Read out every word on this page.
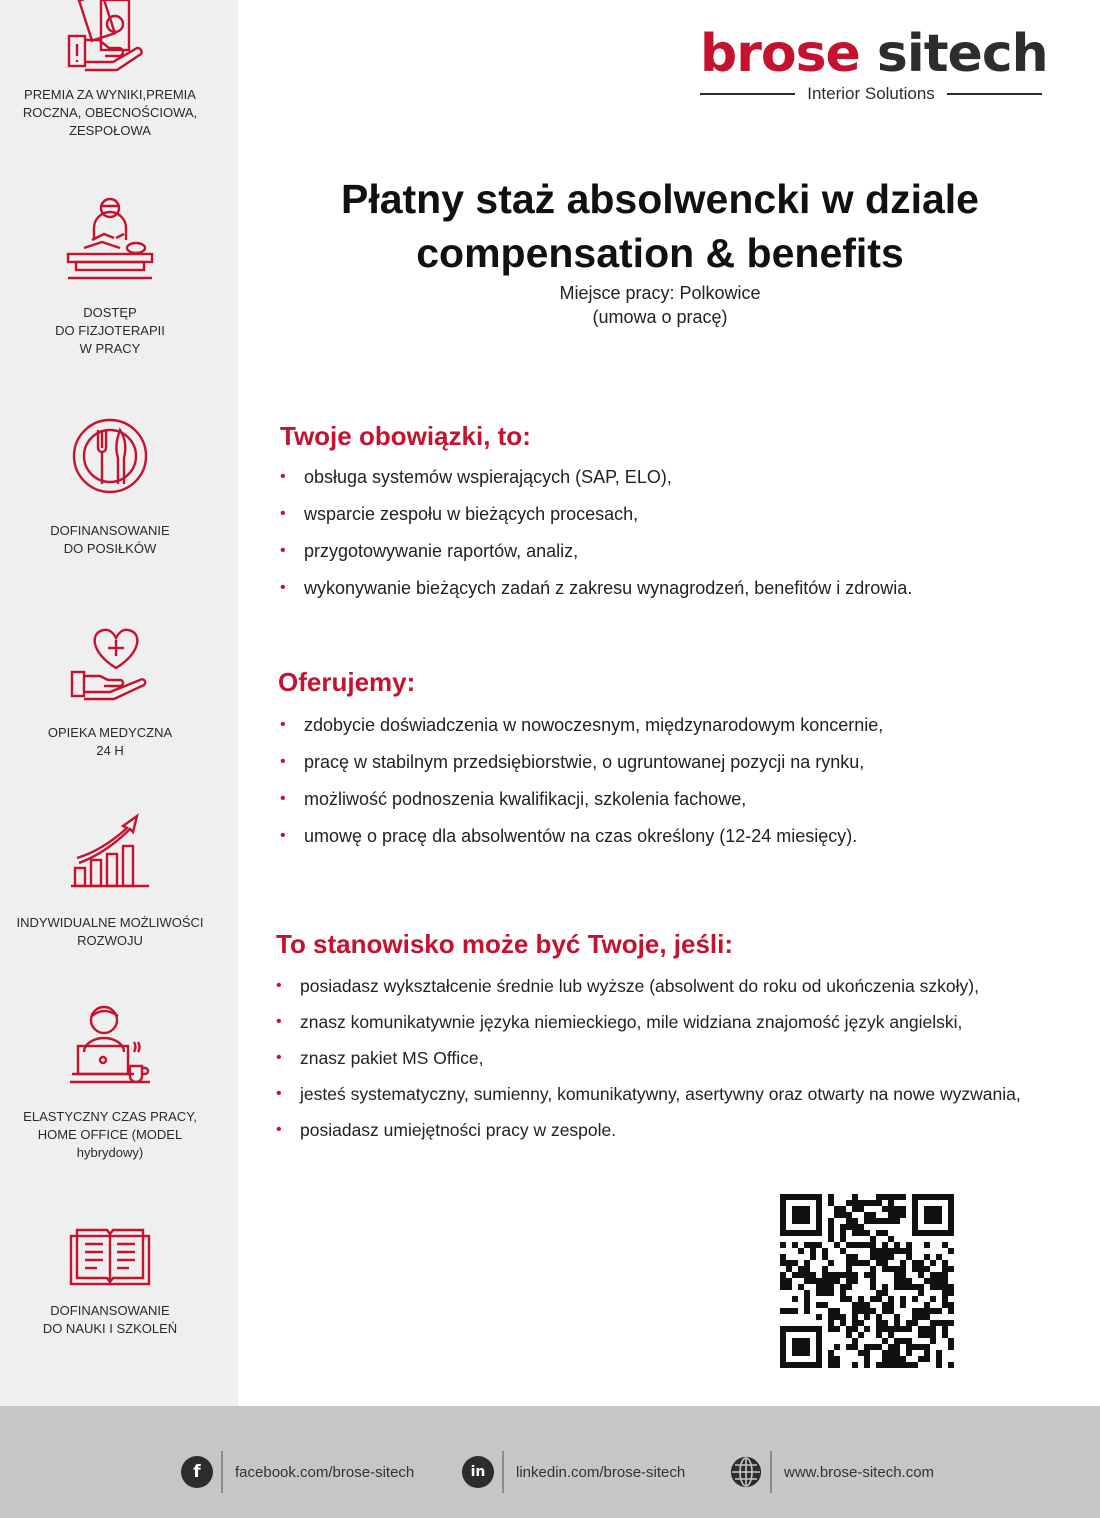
PREMIA ZA WYNIKI,PREMIA
ROCZNA, OBECNOŚCIOWA,
ZESPOŁOWA
DOSTĘP
DO FIZJOTERAPII
W PRACY
DOFINANSOWANIE
DO POSIŁKÓW
OPIEKA MEDYCZNA
24 H
INDYWIDUALNE MOŻLIWOŚCI
ROZWOJU
ELASTYCZNY CZAS PRACY,
HOME OFFICE (MODEL
hybrydowy)
DOFINANSOWANIE
DO NAUKI I SZKOLEŃ
brose sitech
Interior Solutions
Płatny staż absolwencki w dziale
compensation & benefits
Miejsce pracy: Polkowice
(umowa o pracę)
Twoje obowiązki, to:
• obsługa systemów wspierających (SAP, ELO),
• wsparcie zespołu w bieżących procesach,
• przygotowywanie raportów, analiz,
• wykonywanie bieżących zadań z zakresu wynagrodzeń, benefitów i zdrowia.
Oferujemy:
• zdobycie doświadczenia w nowoczesnym, międzynarodowym koncernie,
• pracę w stabilnym przedsiębiorstwie, o ugruntowanej pozycji na rynku,
• możliwość podnoszenia kwalifikacji, szkolenia fachowe,
• umowę o pracę dla absolwentów na czas określony (12-24 miesięcy).
To stanowisko może być Twoje, jeśli:
• posiadasz wykształcenie średnie lub wyższe (absolwent do roku od ukończenia szkoły),
• znasz komunikatywnie języka niemieckiego, mile widziana znajomość język angielski,
• znasz pakiet MS Office,
• jesteś systematyczny, sumienny, komunikatywny, asertywny oraz otwarty na nowe wyzwania,
• posiadasz umiejętności pracy w zespole.
f	facebook.com/brose-sitech	in	linkedin.com/brose-sitech	www.brose-sitech.com
